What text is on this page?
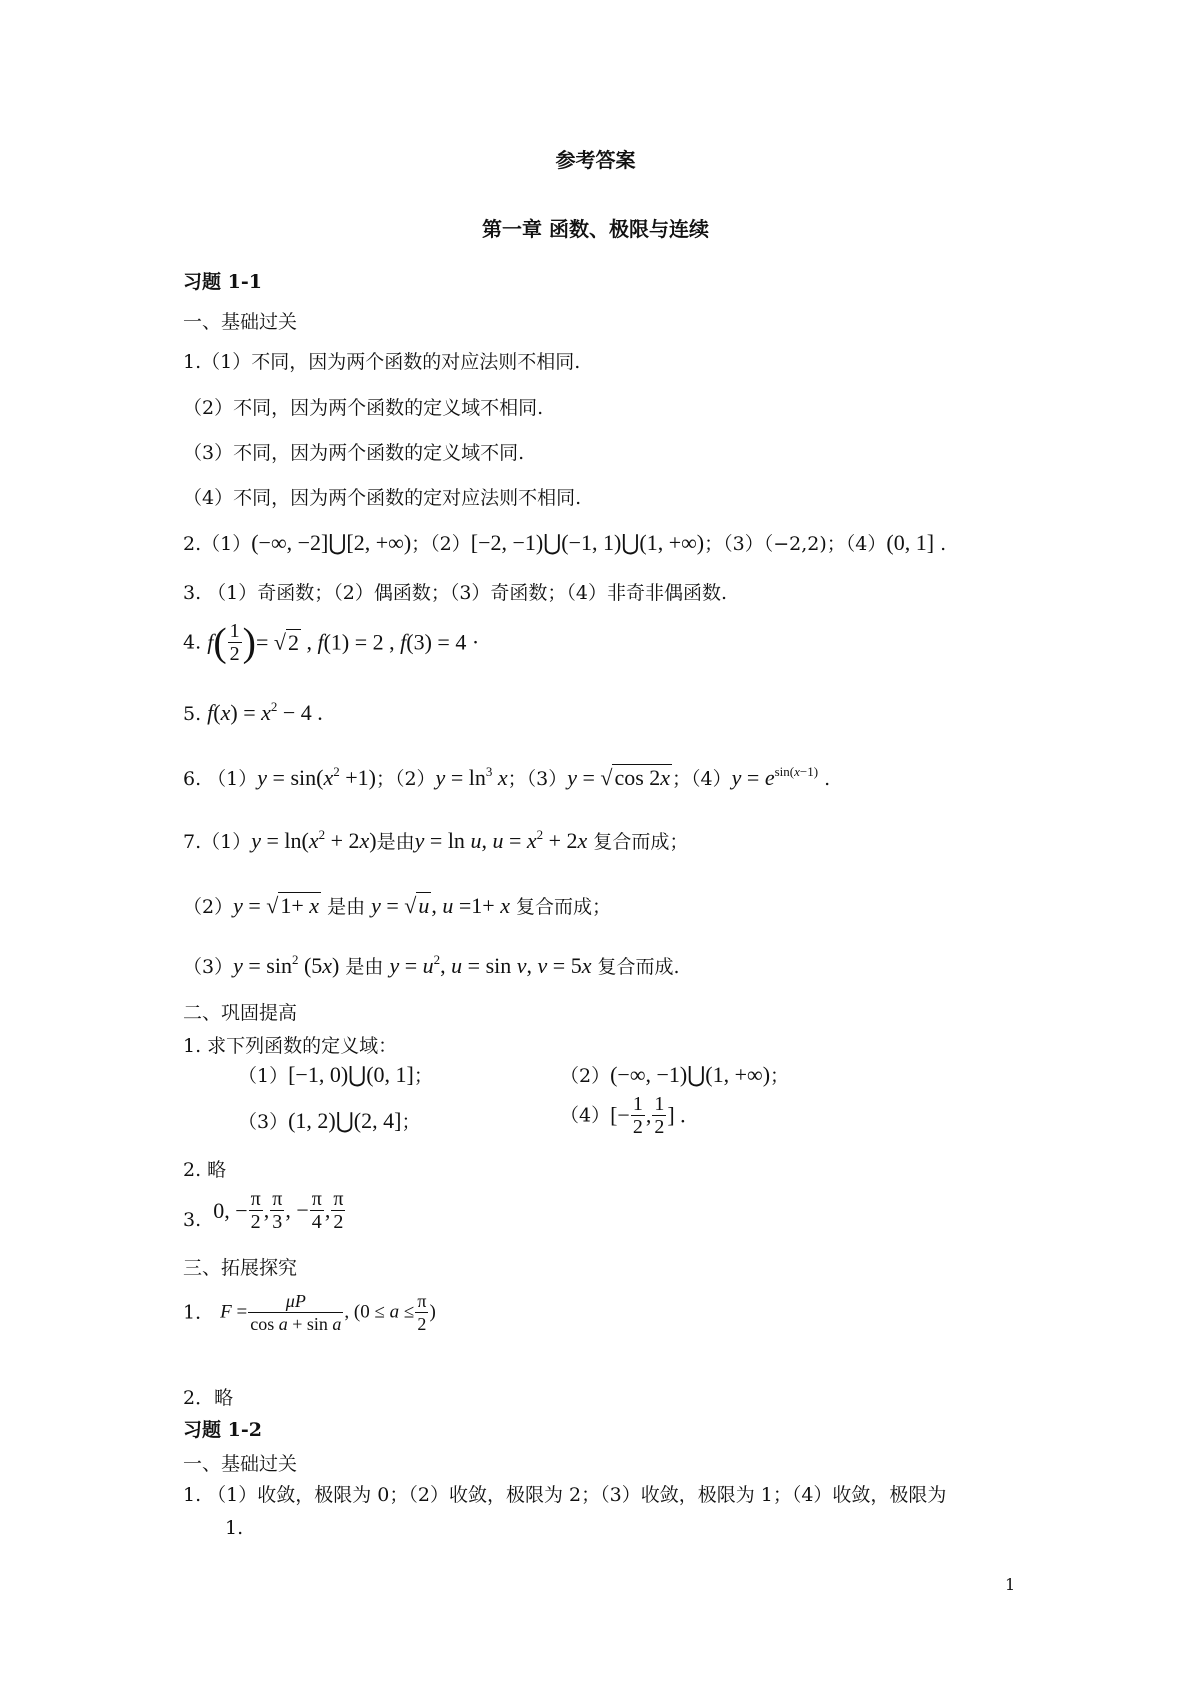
参考答案
第一章 函数、极限与连续
习题 1-1
一、基础过关
1.（1）不同，因为两个函数的对应法则不相同.
（2）不同，因为两个函数的定义域不相同.
（3）不同，因为两个函数的定义域不同.
（4）不同，因为两个函数的定对应法则不相同.
2.（1）(−∞, −2]⋃[2, +∞)；（2）[−2, −1)⋃(−1, 1)⋃(1, +∞)；（3）（−2,2)；（4）(0, 1] .
3. （1）奇函数；（2）偶函数；（3）奇函数；（4）非奇非偶函数.
4. $f( \frac{1}{2}$ )= √2 , f(1) = 2 , f(3) = 4 ·
5. $f(x) = x^2 - 4$ .
6. $(1)y = \sin(x^2 +1)$；$(2)y = \ln^3 x$；（3）y = √cos 2x ；$(4)y = e^{sin(x-1)}$ .
$7.(1)y = \ln(x^2 + 2x)$是由y = ln u, $u = x^2 + 2x$ 复合而成；
（2）y = √1+ x 是由 y = √u, u =1+ x 复合而成；
$(3)y = \sin^2 (5x)$ 是由 $y = u^2$, u = sin v, v = 5x 复合而成.
二、巩固提高
1. 求下列函数的定义域：
（1）[−1, 0)⋃(0, 1]；	（2）(−∞, −1)⋃(1, +∞)；
（3）(1, 2)⋃(2, 4]；	$(4)[- \frac{1}{2}$ , $\frac{1}{2}$ ] .
2. 略
3. 0, − $\frac{\pi}{2}$ , $\frac{\pi}{3}$ , − $\frac{\pi}{4}$ , $\frac{\pi}{2}$
三、拓展探究
1． $F = \frac{\mu P}{\text{cos a + sin a}}$ , ($0 \le a \le \frac{\pi}{2}$ )
2．略
习题 1-2
一、基础过关
1. （1）收敛，极限为 0；（2）收敛，极限为 2；（3）收敛，极限为 1；（4）收敛，极限为
1.
1
